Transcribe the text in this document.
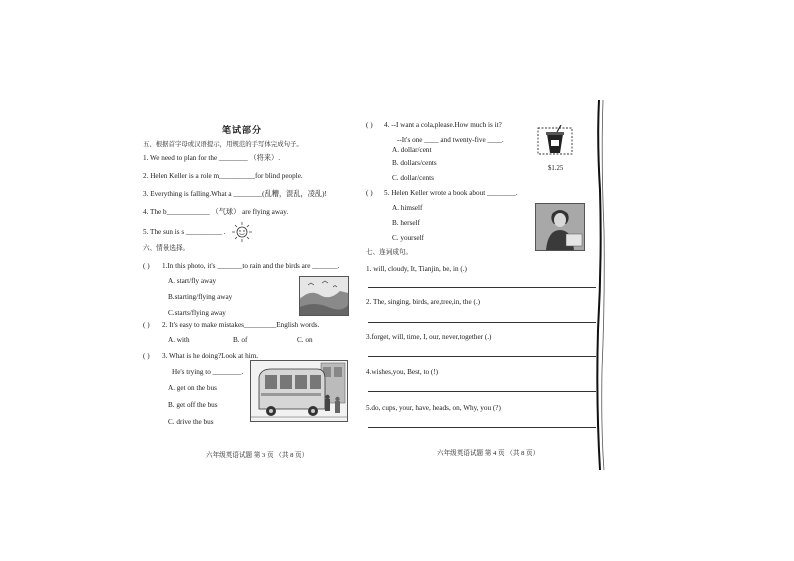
笔试部分
五、根据首字母或汉语提示，用规范的手写体完成句子。
1. We need to plan for the ________ （将来）.
2. Helen Keller is a role m__________for blind people.
3. Everything is falling.What a ________(乱糟，混乱，凌乱)!
4. The b____________ （气球） are flying away.
5. The sun is s __________ .
六、情景选择。
( ) 1.In this photo, it's _______to rain and the birds are _______.
A. start/fly away
B.starting/flying away
C.starts/flying away
( ) 2. It's easy to make mistakes_________English words.
A. with	B. of	C. on
( ) 3. What is he doing?Look at him.
He's trying to ________.
A. get on the bus
B. get off the bus
C. drive the bus
六年级英语试题 第 3 页 （共 8 页）
( ) 4. --I want a cola,please.How much is it?
--It's one ____ and twenty-five ____.
A. dollar/cent
B. dollars/cents
C. dollar/cents
$1.25
( ) 5. Helen Keller wrote a book about ________.
A. himself
B. herself
C. yourself
七、连词成句。
1. will, cloudy, It, Tianjin, be, in (.)
2. The, singing, birds, are,tree,in, the (.)
3.forget, will, time, I, our, never,together (.)
4.wishes,you, Best, to (!)
5.do, cups, your, have, heads, on, Why, you (?)
六年级英语试题 第 4 页 （共 8 页）
